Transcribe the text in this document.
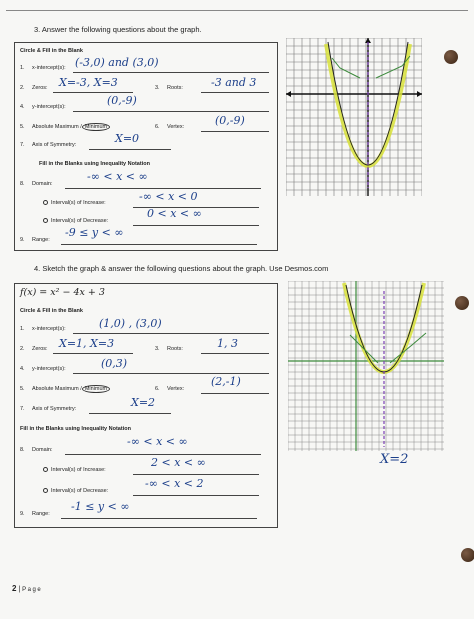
3. Answer the following questions about the graph.
Circle & Fill in the Blank
1. x-intercept(s): (-3,0) and (3,0)
2. Zeros: X=-3, X=3	3. Roots:	-3 and 3
4. y-intercept(s):	(0,-9)
5. Absolute Maximum / Minimum	6. Vertex:	(0,-9)
7. Axis of Symmetry:	X=0
Fill in the Blanks using Inequality Notation
8. Domain:
-∞ < x < ∞
Interval(s) of Increase:	-∞ < x < 0
Interval(s) of Decrease:
0 < x < ∞
9. Range:
-9 ≤ y < ∞
4. Sketch the graph & answer the following questions about the graph. Use Desmos.com
f(x) = x² − 4x + 3
Circle & Fill in the Blank
1. x-intercept(s):	(1,0) , (3,0)
2. Zeros: X=1, X=3	3. Roots:	1, 3
4. y-intercept(s):	(0,3)
5. Absolute Maximum / Minimum	6. Vertex:
(2,-1)
7. Axis of Symmetry:	X=2
Fill in the Blanks using Inequality Notation
8. Domain:
-∞ < x < ∞
Interval(s) of Increase:
2 < x < ∞
Interval(s) of Decrease:
-∞ < x < 2
9. Range:
-1 ≤ y < ∞
X=2
2 | Page
